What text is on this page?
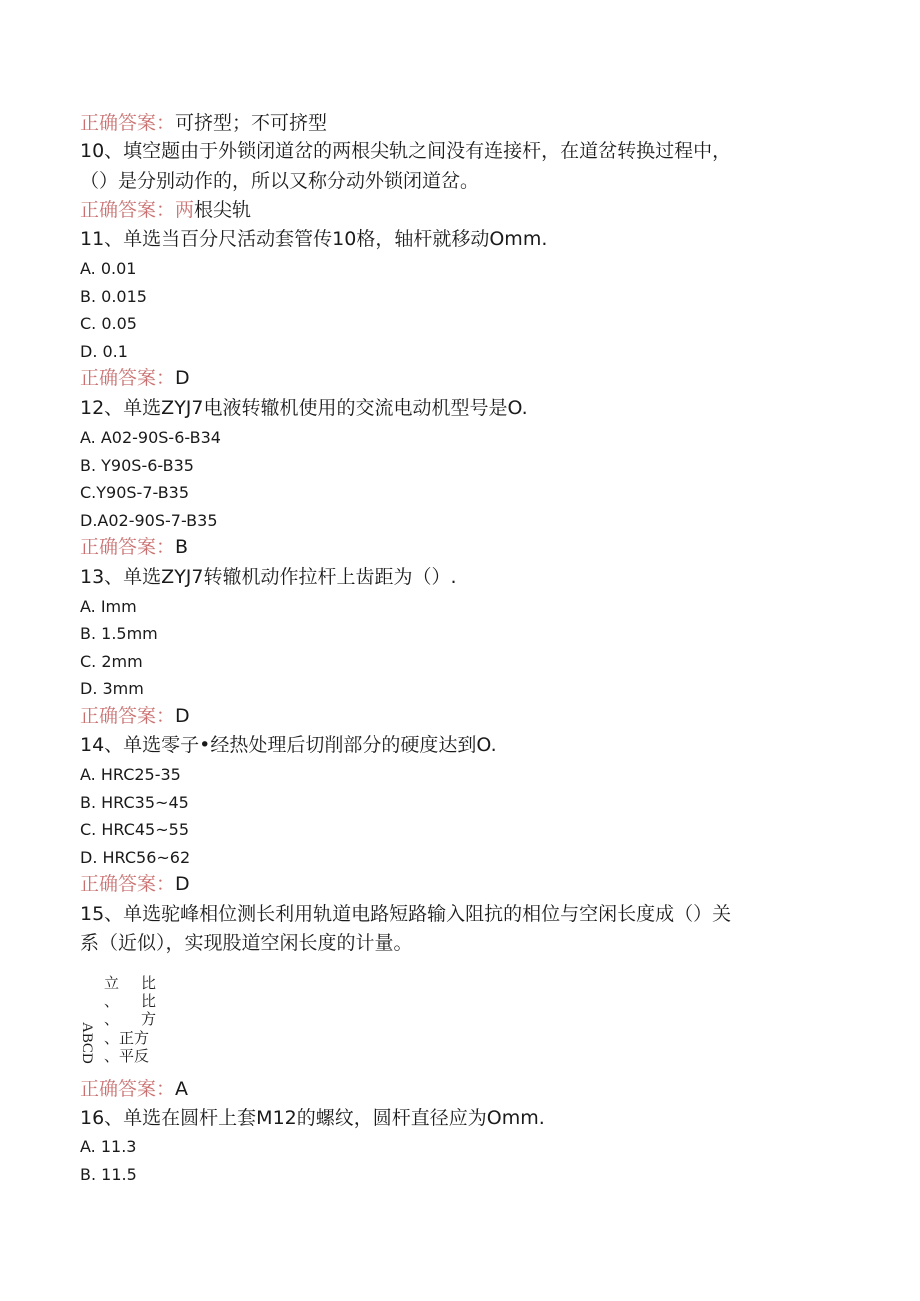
正确答案：可挤型；不可挤型
10、填空题由于外锁闭道岔的两根尖轨之间没有连接杆，在道岔转换过程中，
（）是分别动作的，所以又称分动外锁闭道岔。
正确答案：两根尖轨
11、单选当百分尺活动套管传10格，轴杆就移动Omm.
A. 0.01
B. 0.015
C. 0.05
D. 0.1
正确答案：D
12、单选ZYJ7电液转辙机使用的交流电动机型号是O.
A. A02-90S-6-B34
B. Y90S-6-B35
C.Y90S-7-B35
D.A02-90S-7-B35
正确答案：B
13、单选ZYJ7转辙机动作拉杆上齿距为（）.
A. Imm
B. 1.5mm
C. 2mm
D. 3mm
正确答案：D
14、单选零子•经热处理后切削部分的硬度达到O.
A. HRC25-35
B. HRC35~45
C. HRC45~55
D. HRC56~62
正确答案：D
15、单选驼峰相位测长利用轨道电路短路输入阻抗的相位与空闲长度成（）关
系（近似），实现股道空闲长度的计量。
立 比
、 比
、 方
、正方
、平反
ABCD
正确答案：A
16、单选在圆杆上套M12的螺纹，圆杆直径应为Omm.
A. 11.3
B. 11.5
